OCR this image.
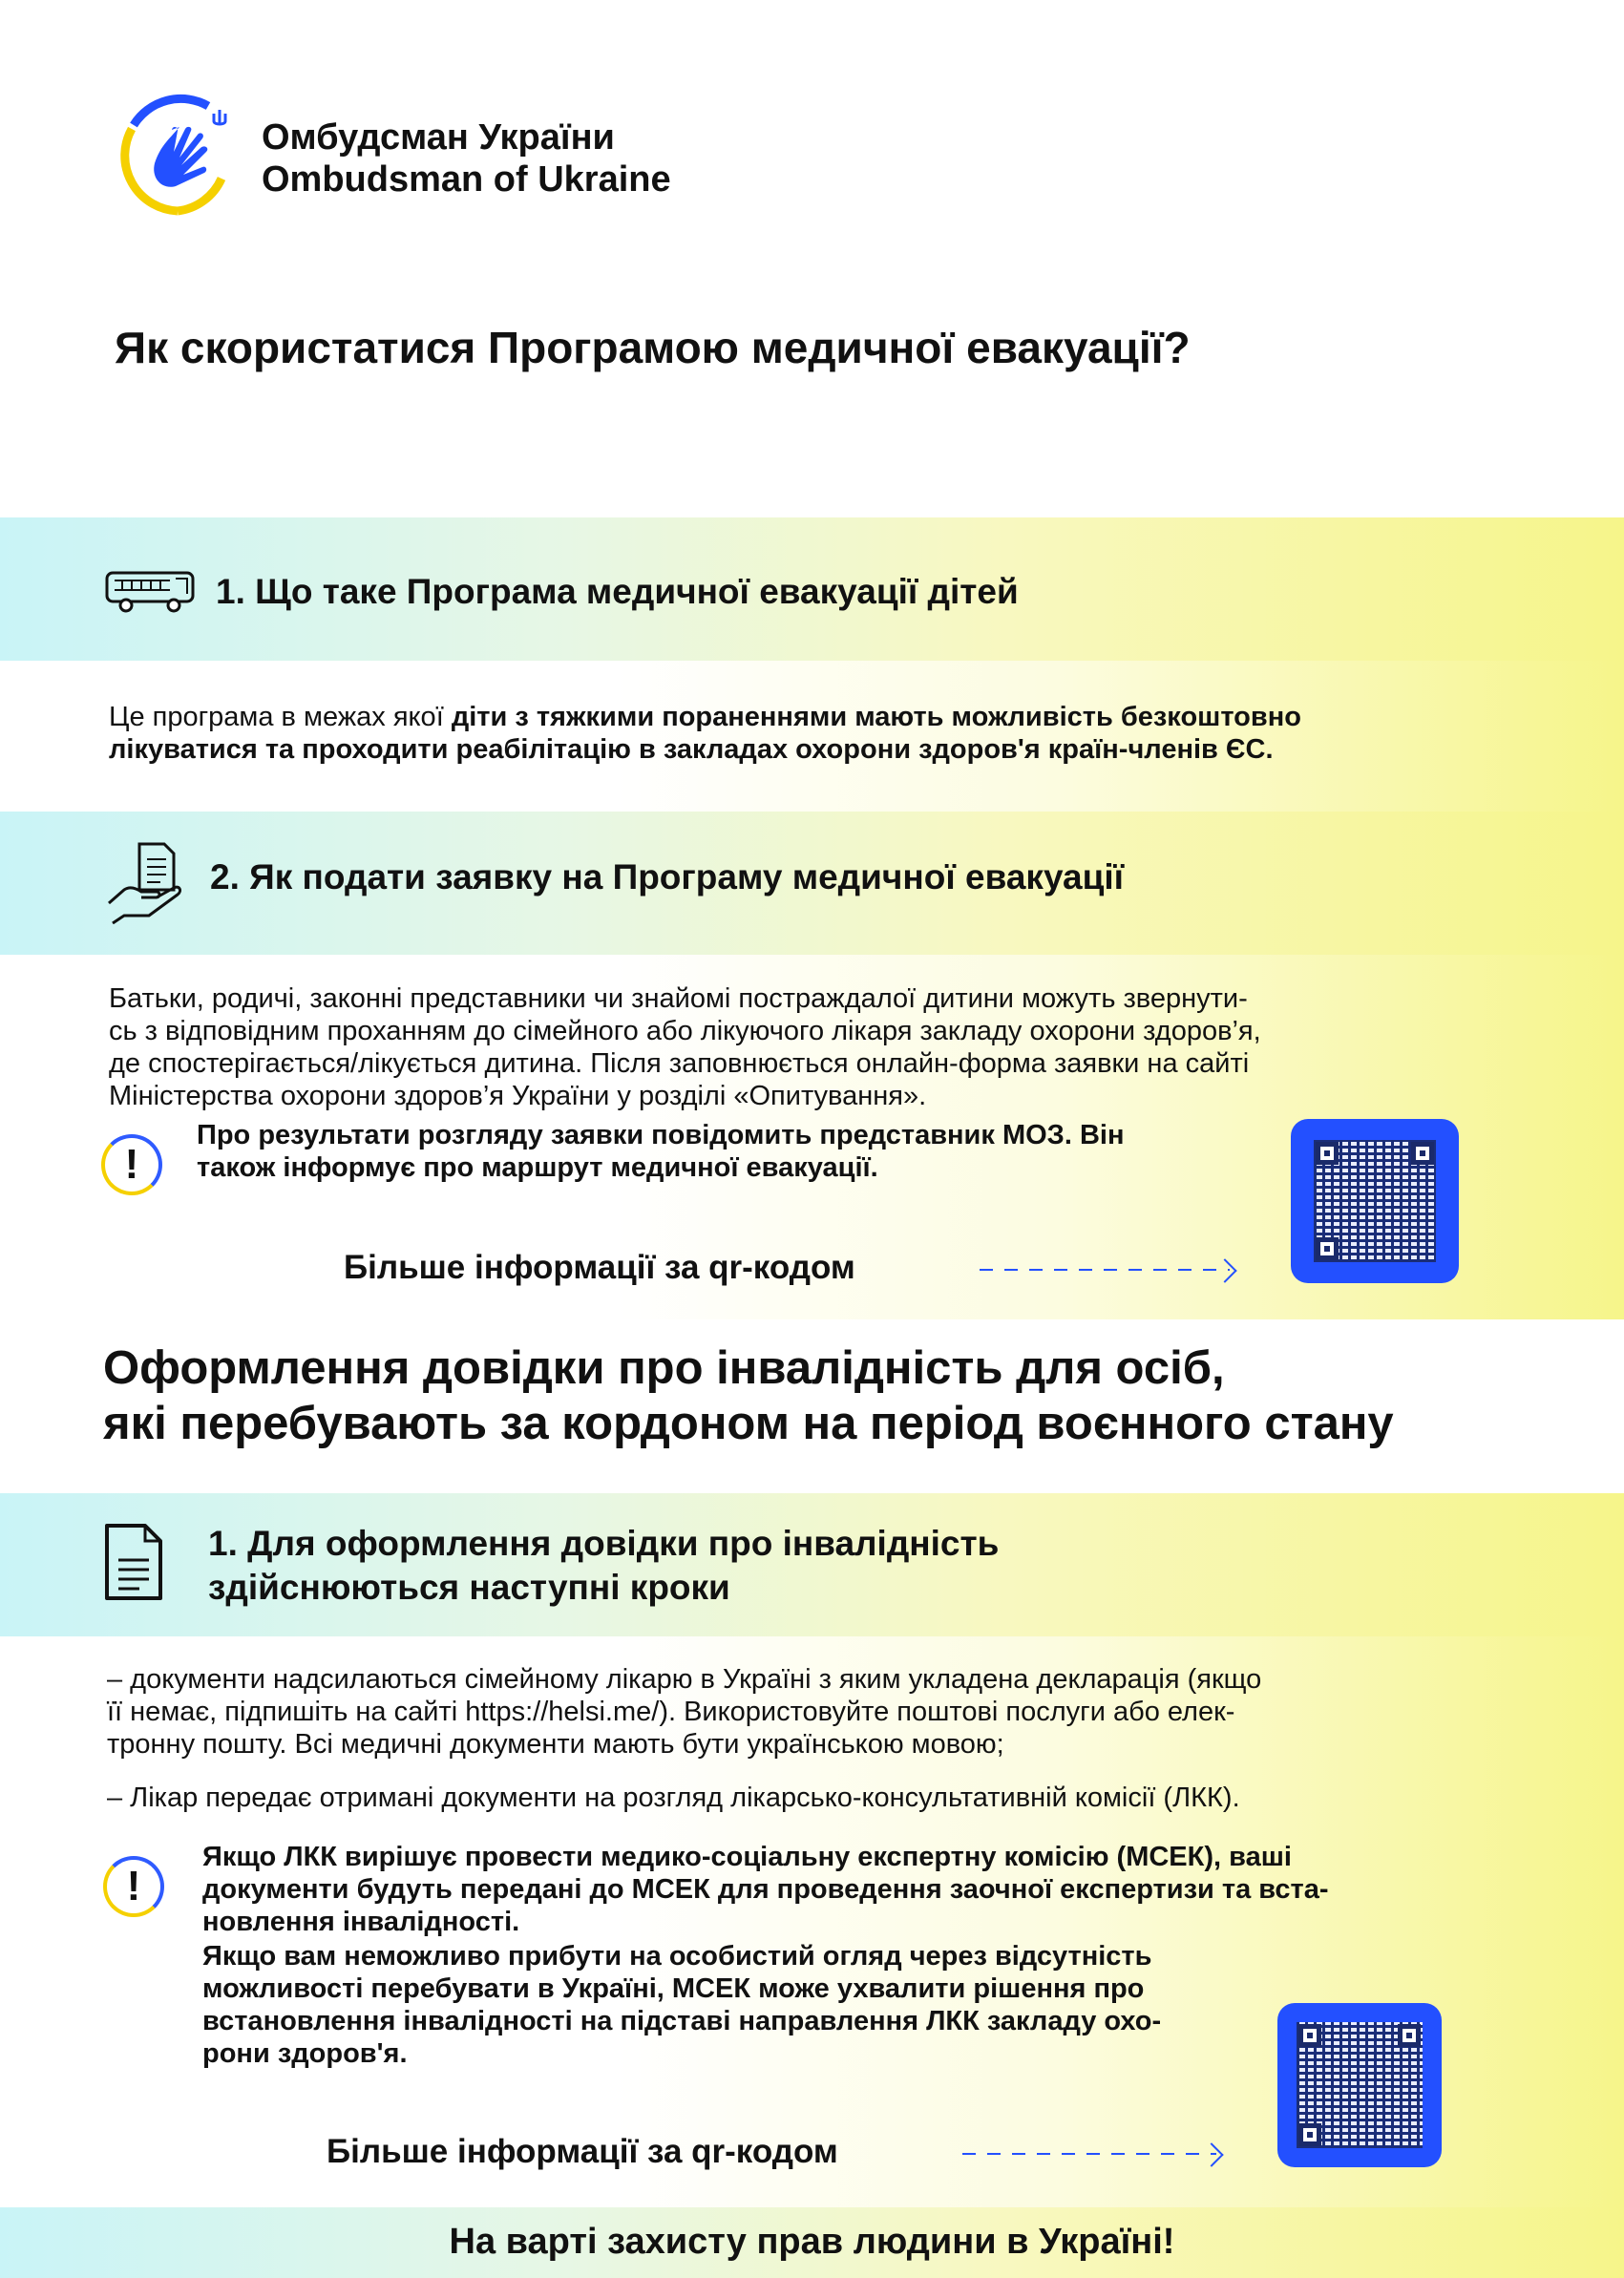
Омбудсман України
Ombudsman of Ukraine
Як скористатися Програмою медичної евакуації?
1. Що таке Програма медичної евакуації дітей
Це програма в межах якої діти з тяжкими пораненнями мають можливість безкоштовно
лікуватися та проходити реабілітацію в закладах охорони здоров'я країн-членів ЄС.
2. Як подати заявку на Програму медичної евакуації
Батьки, родичі, законні представники чи знайомі постраждалої дитини можуть звернути-
сь з відповідним проханням до сімейного або лікуючого лікаря закладу охорони здоров’я,
де спостерігається/лікується дитина. Після заповнюється онлайн-форма заявки на сайті
Міністерства охорони здоров’я України у розділі «Опитування».
!
Про результати розгляду заявки повідомить представник МОЗ. Він
також інформує про маршрут медичної евакуації.
Більше інформації за qr-кодом
Оформлення довідки про інвалідність для осіб,
які перебувають за кордоном на період воєнного стану
1. Для оформлення довідки про інвалідність
здійснюються наступні кроки
– документи надсилаються сімейному лікарю в Україні з яким укладена декларація (якщо
її немає, підпишіть на сайті https://helsi.me/). Використовуйте поштові послуги або елек-
тронну пошту. Всі медичні документи мають бути українською мовою;
– Лікар передає отримані документи на розгляд лікарсько-консультативній комісії (ЛКК).
!
Якщо ЛКК вирішує провести медико-соціальну експертну комісію (МСЕК), ваші
документи будуть передані до МСЕК для проведення заочної експертизи та вста-
новлення інвалідності.
Якщо вам неможливо прибути на особистий огляд через відсутність
можливості перебувати в Україні, МСЕК може ухвалити рішення про
встановлення інвалідності на підставі направлення ЛКК закладу охо-
рони здоров'я.
Більше інформації за qr-кодом
На варті захисту прав людини в Україні!
